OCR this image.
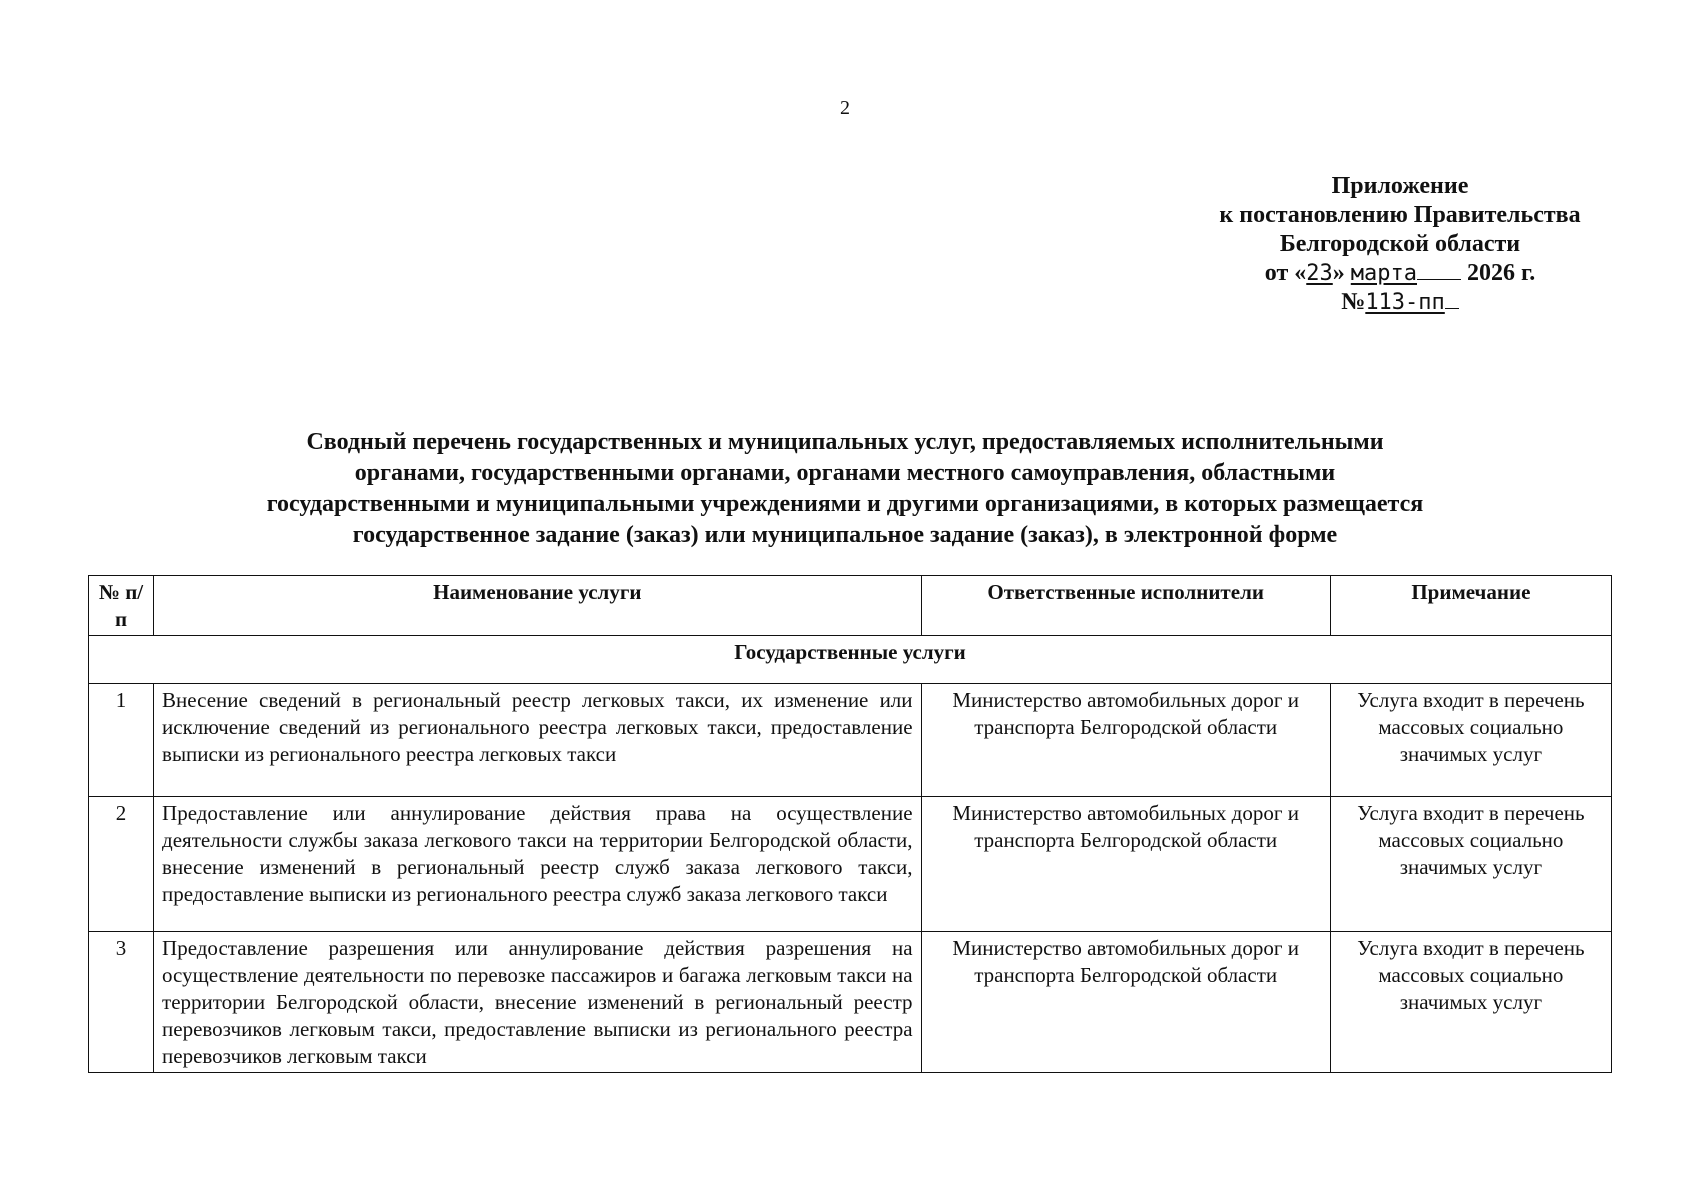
2
Приложение
к постановлению Правительства
Белгородской области
от «23» марта 2026 г.
№113-пп
Сводный перечень государственных и муниципальных услуг, предоставляемых исполнительными
органами, государственными органами, органами местного самоуправления, областными
государственными и муниципальными учреждениями и другими организациями, в которых размещается
государственное задание (заказ) или муниципальное задание (заказ), в электронной форме
№ п/п	Наименование услуги	Ответственные исполнители	Примечание
Государственные услуги			
1	Внесение сведений в региональный реестр легковых такси, их изменение или исключение сведений из регионального реестра легковых такси, предоставление выписки из регионального реестра легковых такси	Министерство автомобильных дорог и транспорта Белгородской области	Услуга входит в перечень массовых социально значимых услуг
2	Предоставление или аннулирование действия права на осуществление деятельности службы заказа легкового такси на территории Белгородской области, внесение изменений в региональный реестр служб заказа легкового такси, предоставление выписки из регионального реестра служб заказа легкового такси	Министерство автомобильных дорог и транспорта Белгородской области	Услуга входит в перечень массовых социально значимых услуг
3	Предоставление разрешения или аннулирование действия разрешения на осуществление деятельности по перевозке пассажиров и багажа легковым такси на территории Белгородской области, внесение изменений в региональный реестр перевозчиков легковым такси, предоставление выписки из регионального реестра перевозчиков легковым такси	Министерство автомобильных дорог и транспорта Белгородской области	Услуга входит в перечень массовых социально значимых услуг
